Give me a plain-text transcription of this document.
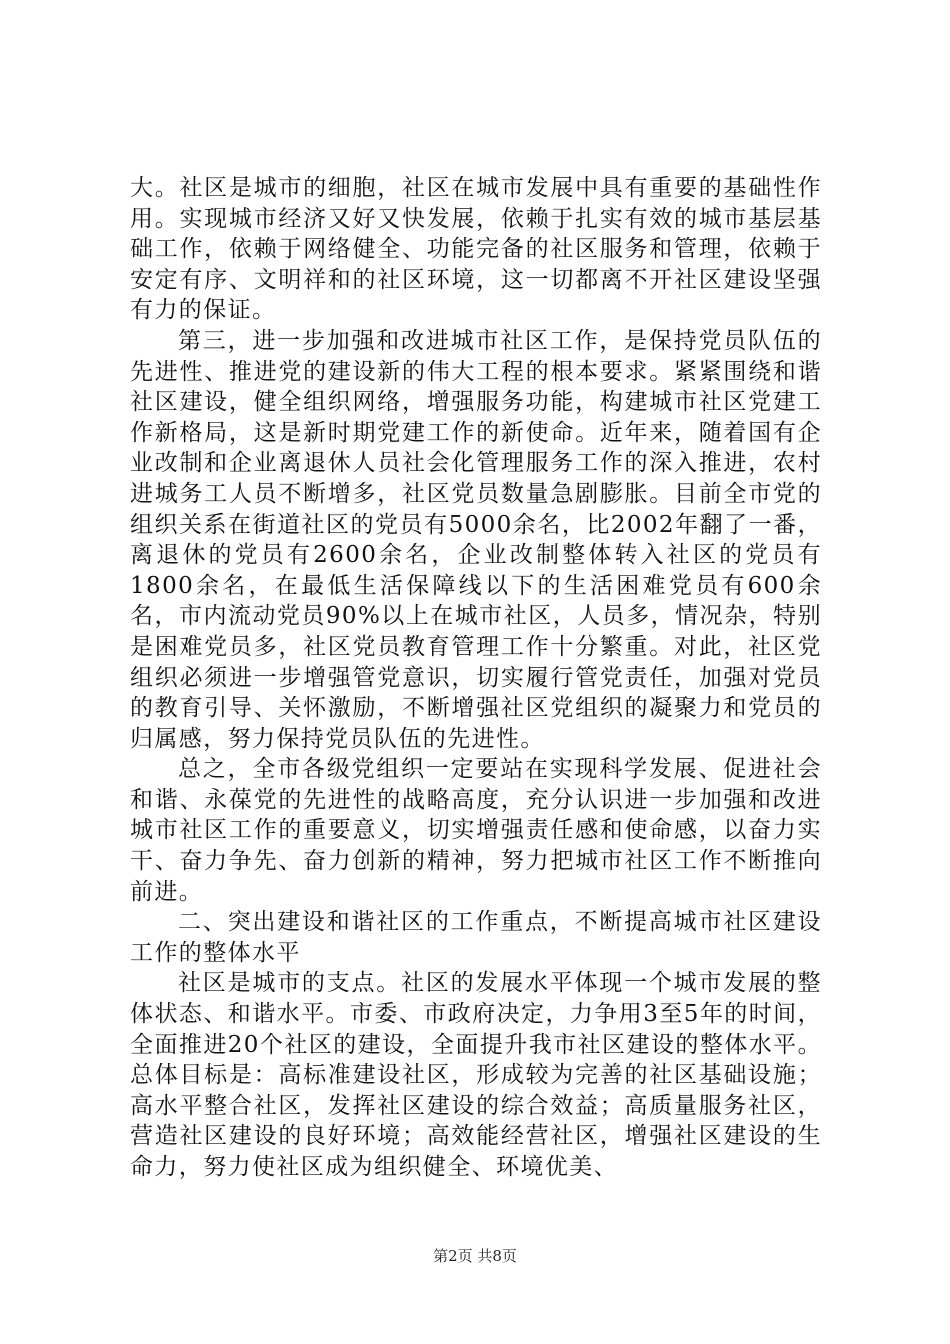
大。社区是城市的细胞，社区在城市发展中具有重要的基础性作用。实现城市经济又好又快发展，依赖于扎实有效的城市基层基础工作，依赖于网络健全、功能完备的社区服务和管理，依赖于安定有序、文明祥和的社区环境，这一切都离不开社区建设坚强有力的保证。

第三，进一步加强和改进城市社区工作，是保持党员队伍的先进性、推进党的建设新的伟大工程的根本要求。紧紧围绕和谐社区建设，健全组织网络，增强服务功能，构建城市社区党建工作新格局，这是新时期党建工作的新使命。近年来，随着国有企业改制和企业离退休人员社会化管理服务工作的深入推进，农村进城务工人员不断增多，社区党员数量急剧膨胀。目前全市党的组织关系在街道社区的党员有5000余名，比2002年翻了一番，离退休的党员有2600余名，企业改制整体转入社区的党员有1800余名，在最低生活保障线以下的生活困难党员有600余名，市内流动党员90%以上在城市社区，人员多，情况杂，特别是困难党员多，社区党员教育管理工作十分繁重。对此，社区党组织必须进一步增强管党意识，切实履行管党责任，加强对党员的教育引导、关怀激励，不断增强社区党组织的凝聚力和党员的归属感，努力保持党员队伍的先进性。

总之，全市各级党组织一定要站在实现科学发展、促进社会和谐、永葆党的先进性的战略高度，充分认识进一步加强和改进城市社区工作的重要意义，切实增强责任感和使命感，以奋力实干、奋力争先、奋力创新的精神，努力把城市社区工作不断推向前进。

二、突出建设和谐社区的工作重点，不断提高城市社区建设工作的整体水平

社区是城市的支点。社区的发展水平体现一个城市发展的整体状态、和谐水平。市委、市政府决定，力争用3至5年的时间，全面推进20个社区的建设，全面提升我市社区建设的整体水平。总体目标是：高标准建设社区，形成较为完善的社区基础设施；高水平整合社区，发挥社区建设的综合效益；高质量服务社区，营造社区建设的良好环境；高效能经营社区，增强社区建设的生命力，努力使社区成为组织健全、环境优美、

第2页 共8页
